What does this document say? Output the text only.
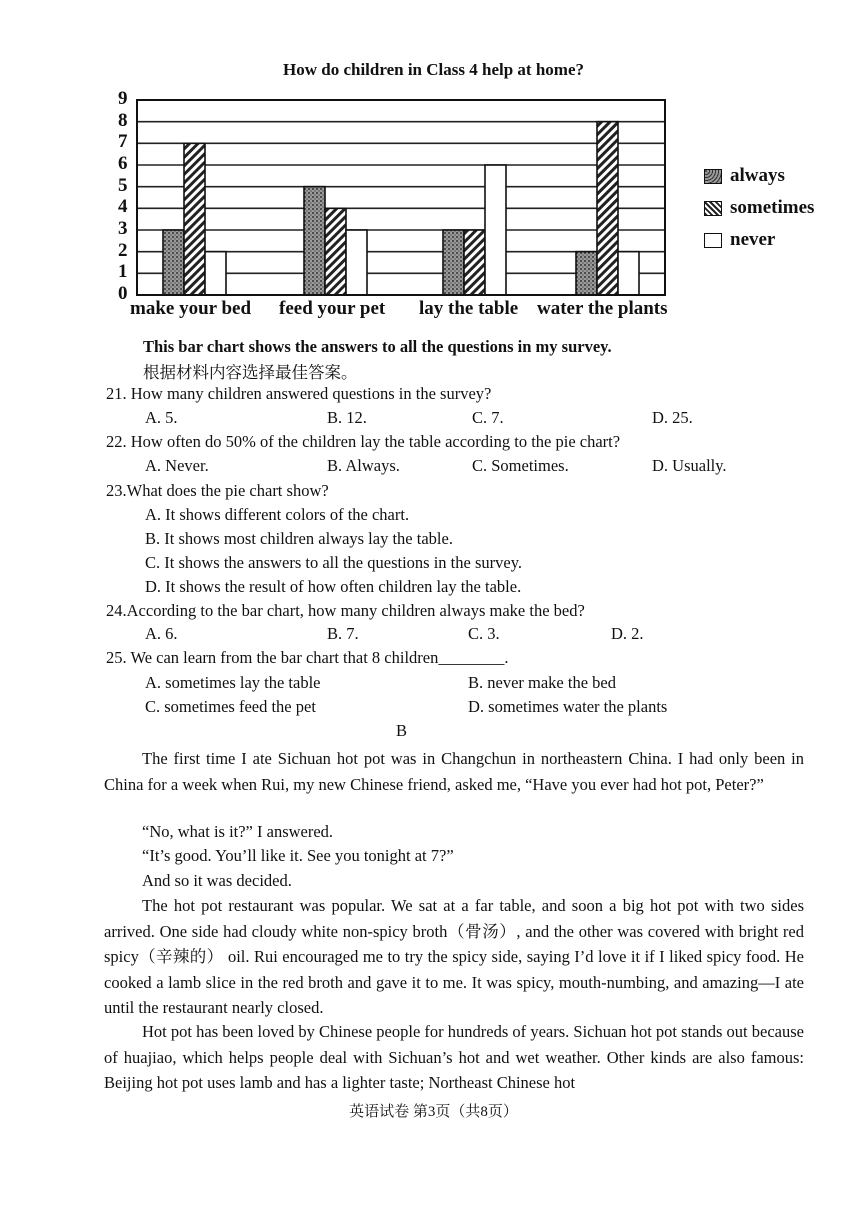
How do children in Class 4 help at home?
0
1
2
3
4
5
6
7
8
9
make your bed feed your pet lay the table water the plants
always
sometimes
never
This bar chart shows the answers to all the questions in my survey.
根据材料内容选择最佳答案。
21. How many children answered questions in the survey?
A. 5.	B. 12.	C. 7.	D. 25.
22. How often do 50% of the children lay the table according to the pie chart?
A. Never.	B. Always.	C. Sometimes.	D. Usually.
23.What does the pie chart show?
A. It shows different colors of the chart.
B. It shows most children always lay the table.
C. It shows the answers to all the questions in the survey.
D. It shows the result of how often children lay the table.
24.According to the bar chart, how many children always make the bed?
A. 6.	B. 7.	C. 3.	D. 2.
25. We can learn from the bar chart that 8 children________.
A. sometimes lay the table	B. never make the bed
C. sometimes feed the pet	D. sometimes water the plants
B
The first time I ate Sichuan hot pot was in Changchun in northeastern China. I had only been in China for a week when Rui, my new Chinese friend, asked me, “Have you ever had hot pot, Peter?”
“No, what is it?” I answered.
“It’s good. You’ll like it. See you tonight at 7?”
And so it was decided.
The hot pot restaurant was popular. We sat at a far table, and soon a big hot pot with two sides arrived. One side had cloudy white non-spicy broth（骨汤）, and the other was covered with bright red spicy（辛辣的） oil. Rui encouraged me to try the spicy side, saying I’d love it if I liked spicy food. He cooked a lamb slice in the red broth and gave it to me. It was spicy, mouth-numbing, and amazing—I ate until the restaurant nearly closed.
Hot pot has been loved by Chinese people for hundreds of years. Sichuan hot pot stands out because of huajiao, which helps people deal with Sichuan’s hot and wet weather. Other kinds are also famous: Beijing hot pot uses lamb and has a lighter taste; Northeast Chinese hot
英语试卷 第3页（共8页）
